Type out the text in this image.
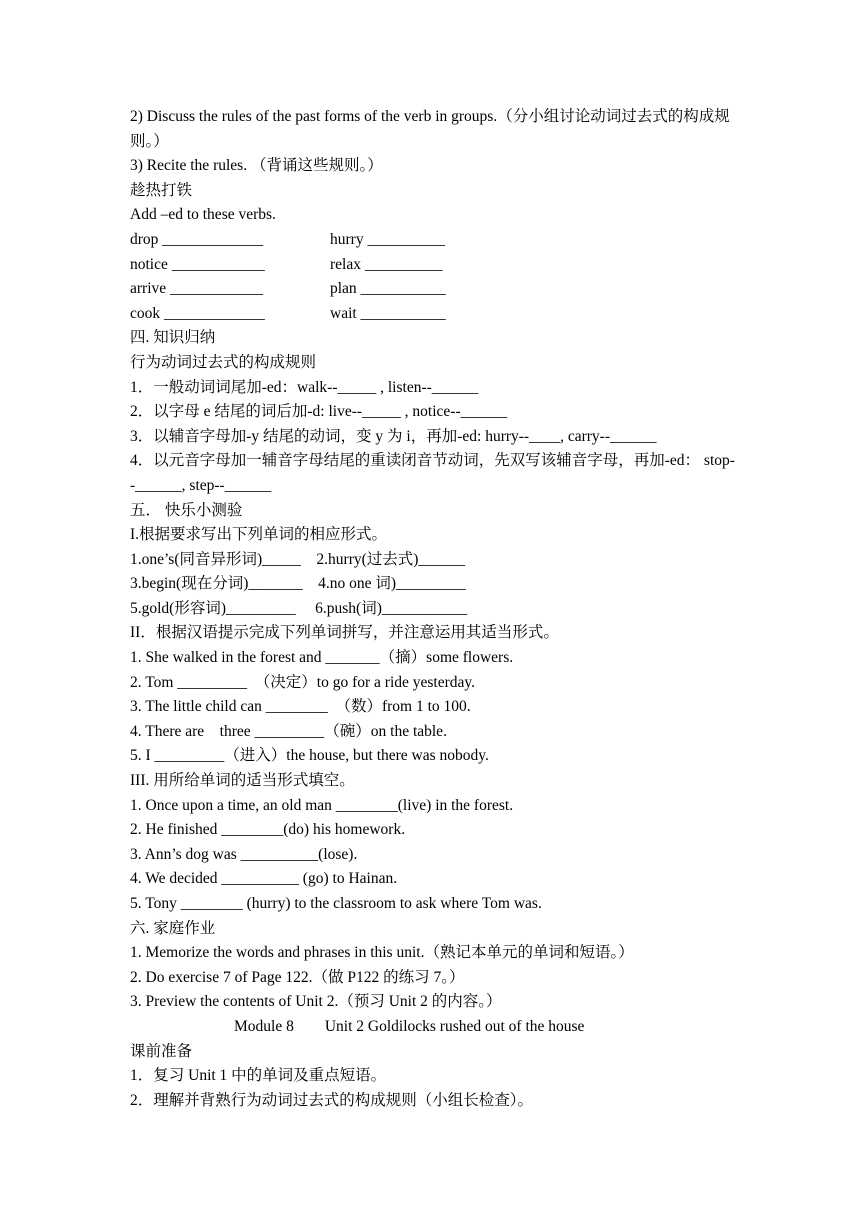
2) Discuss the rules of the past forms of the verb in groups.（分小组讨论动词过去式的构成规则。）
3) Recite the rules. （背诵这些规则。）
趁热打铁
Add –ed to these verbs.
drop _____________	hurry __________
notice ____________	relax __________
arrive ____________	plan ___________
cook _____________	wait ___________
四. 知识归纳
行为动词过去式的构成规则
1．一般动词词尾加-ed：walk--_____ , listen--______
2．以字母 e 结尾的词后加-d: live--_____ , notice--______
3．以辅音字母加-y 结尾的动词，变 y 为 i，再加-ed: hurry--____, carry--______
4．以元音字母加一辅音字母结尾的重读闭音节动词，先双写该辅音字母，再加-ed： stop--______, step--______
五． 快乐小测验
I.根据要求写出下列单词的相应形式。
1.one’s(同音异形词)_____    2.hurry(过去式)______
3.begin(现在分词)_______    4.no one 词)_________
5.gold(形容词)_________     6.push(词)___________
II．根据汉语提示完成下列单词拼写，并注意运用其适当形式。
1. She walked in the forest and _______（摘）some flowers.
2. Tom _________  （决定）to go for a ride yesterday.
3. The little child can ________  （数）from 1 to 100.
4. There are    three _________（碗）on the table.
5. I _________（进入）the house, but there was nobody.
III. 用所给单词的适当形式填空。
1. Once upon a time, an old man ________(live) in the forest.
2. He finished ________(do) his homework.
3. Ann’s dog was __________(lose).
4. We decided __________ (go) to Hainan.
5. Tony ________ (hurry) to the classroom to ask where Tom was.
六. 家庭作业
1. Memorize the words and phrases in this unit.（熟记本单元的单词和短语。）
2. Do exercise 7 of Page 122.（做 P122 的练习 7。）
3. Preview the contents of Unit 2.（预习 Unit 2 的内容。）
Module 8        Unit 2 Goldilocks rushed out of the house
课前准备
1．复习 Unit 1 中的单词及重点短语。
2．理解并背熟行为动词过去式的构成规则（小组长检查）。
